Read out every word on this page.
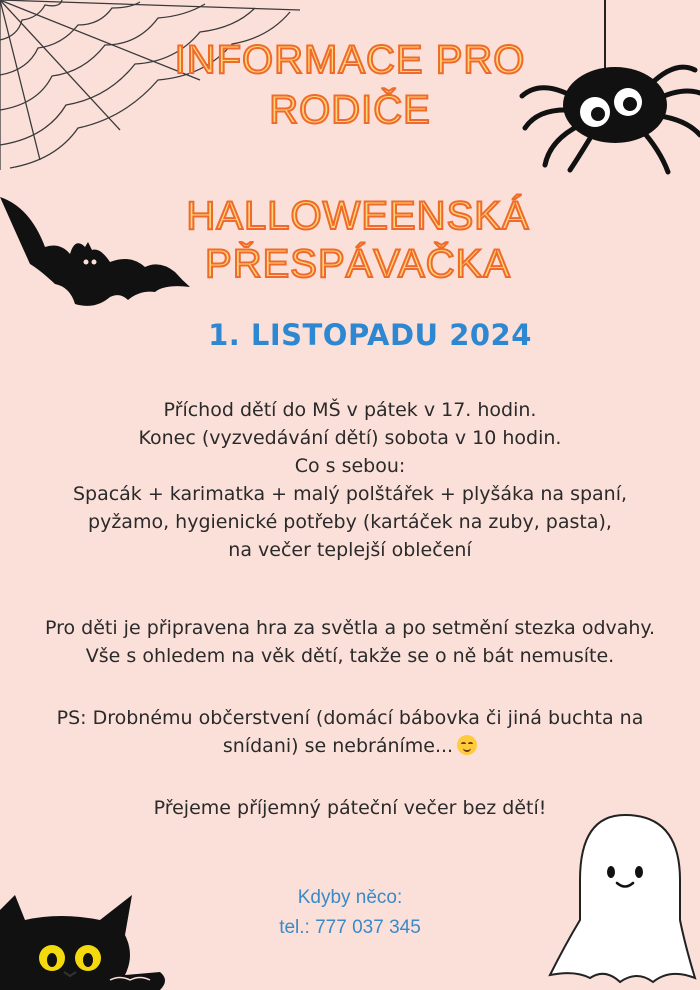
INFORMACE PRO
RODIČE
HALLOWEENSKÁ
PŘESPÁVAČKA
1. LISTOPADU 2024
Příchod dětí do MŠ v pátek v 17. hodin.
Konec (vyzvedávání dětí) sobota v 10 hodin.
Co s sebou:
Spacák + karimatka + malý polštářek + plyšáka na spaní,
pyžamo, hygienické potřeby (kartáček na zuby, pasta),
na večer teplejší oblečení
Pro děti je připravena hra za světla a po setmění stezka odvahy.
Vše s ohledem na věk dětí, takže se o ně bát nemusíte.
PS: Drobnému občerstvení (domácí bábovka či jiná buchta na
snídani) se nebráníme...
Přejeme příjemný páteční večer bez dětí!
Kdyby něco:
tel.: 777 037 345
